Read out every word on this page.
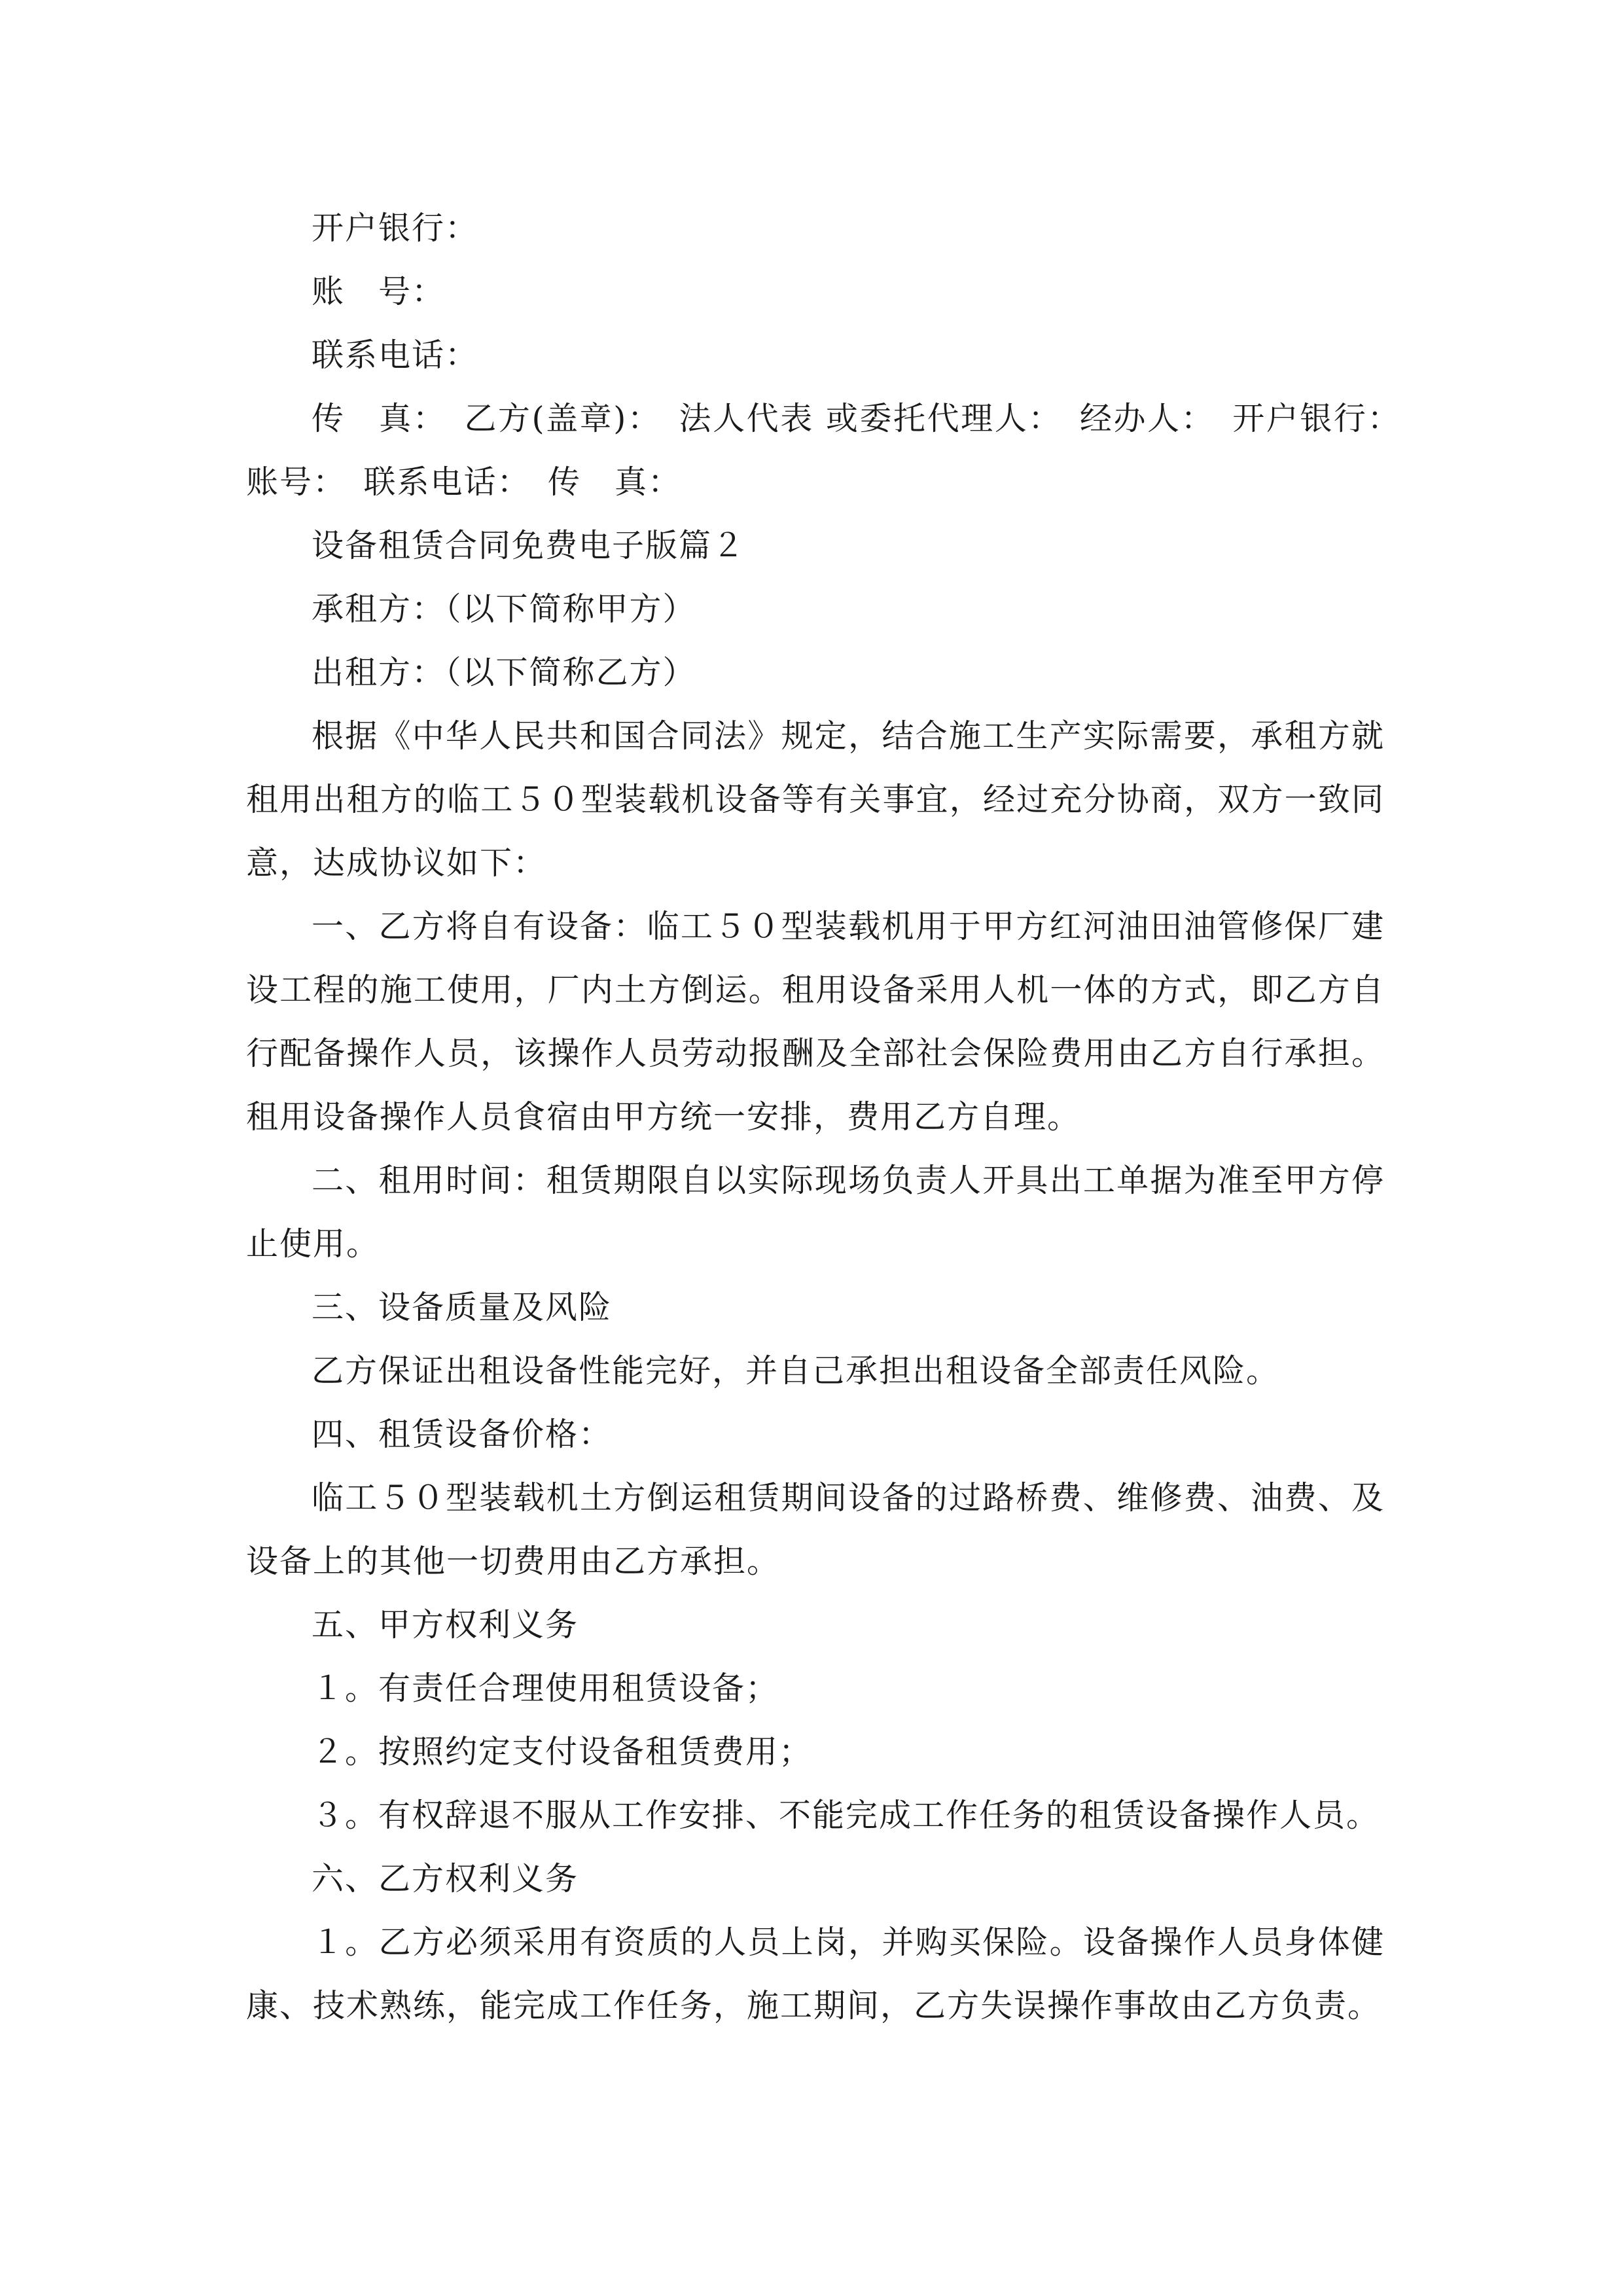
开户银行：

账　号：

联系电话：

传　真：　乙方(盖章)：　法人代表 或委托代理人：　经办人：　开户银行：　账号：　联系电话：　传　真：

设备租赁合同免费电子版篇２

承租方：（以下简称甲方）

出租方：（以下简称乙方）

根据《中华人民共和国合同法》规定，结合施工生产实际需要，承租方就租用出租方的临工５０型装载机设备等有关事宜，经过充分协商，双方一致同意，达成协议如下：

一、乙方将自有设备：临工５０型装载机用于甲方红河油田油管修保厂建设工程的施工使用，厂内土方倒运。租用设备采用人机一体的方式，即乙方自行配备操作人员，该操作人员劳动报酬及全部社会保险费用由乙方自行承担。租用设备操作人员食宿由甲方统一安排，费用乙方自理。

二、租用时间：租赁期限自以实际现场负责人开具出工单据为准至甲方停止使用。

三、设备质量及风险

乙方保证出租设备性能完好，并自己承担出租设备全部责任风险。

四、租赁设备价格：

临工５０型装载机土方倒运租赁期间设备的过路桥费、维修费、油费、及设备上的其他一切费用由乙方承担。

五、甲方权利义务

１。有责任合理使用租赁设备；

２。按照约定支付设备租赁费用；

３。有权辞退不服从工作安排、不能完成工作任务的租赁设备操作人员。

六、乙方权利义务

１。乙方必须采用有资质的人员上岗，并购买保险。设备操作人员身体健康、技术熟练，能完成工作任务，施工期间，乙方失误操作事故由乙方负责。
